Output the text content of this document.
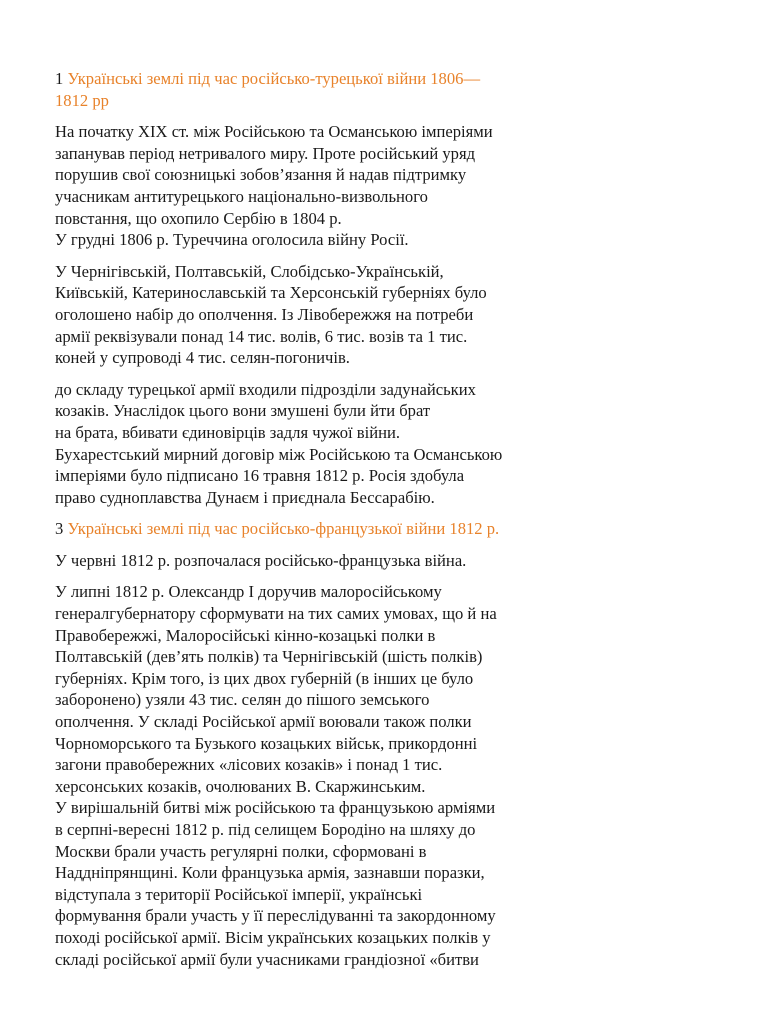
1 Українські землі під час російсько-турецької війни 1806—
1812 рр
На початку XIX ст. між Російською та Османською імперіями
запанував період нетривалого миру. Проте російський уряд
порушив свої союзницькі зобов’язання й надав підтримку
учасникам антитурецького національно-визвольного
повстання, що охопило Сербію в 1804 р.
У грудні 1806 р. Туреччина оголосила війну Росії.
У Чернігівській, Полтавській, Слобідсько-Українській,
Київській, Катеринославській та Херсонській губерніях було
оголошено набір до ополчення. Із Лівобережжя на потреби
армії реквізували понад 14 тис. волів, 6 тис. возів та 1 тис.
коней у супроводі 4 тис. селян-погоничів.
до складу турецької армії входили підрозділи задунайських
козаків. Унаслідок цього вони змушені були йти брат
на брата, вбивати єдиновірців задля чужої війни.
Бухарестський мирний договір між Російською та Османською
імперіями було підписано 16 травня 1812 р. Росія здобула
право судноплавства Дунаєм і приєднала Бессарабію.
3 Українські землі під час російсько-французької війни 1812 р.
У червні 1812 р. розпочалася російсько-французька війна.
У липні 1812 р. Олександр І доручив малоросійському
генералгубернатору сформувати на тих самих умовах, що й на
Правобережжі, Малоросійські кінно-козацькі полки в
Полтавській (дев’ять полків) та Чернігівській (шість полків)
губерніях. Крім того, із цих двох губерній (в інших це було
заборонено) узяли 43 тис. селян до пішого земського
ополчення. У складі Російської армії воювали також полки
Чорноморського та Бузького козацьких військ, прикордонні
загони правобережних «лісових козаків» і понад 1 тис.
херсонських козаків, очолюваних В. Скаржинським.
У вирішальній битві між російською та французькою арміями
в серпні-вересні 1812 р. під селищем Бородіно на шляху до
Москви брали участь регулярні полки, сформовані в
Наддніпрянщині. Коли французька армія, зазнавши поразки,
відступала з території Російської імперії, українські
формування брали участь у її переслідуванні та закордонному
поході російської армії. Вісім українських козацьких полків у
складі російської армії були учасниками грандіозної «битви
